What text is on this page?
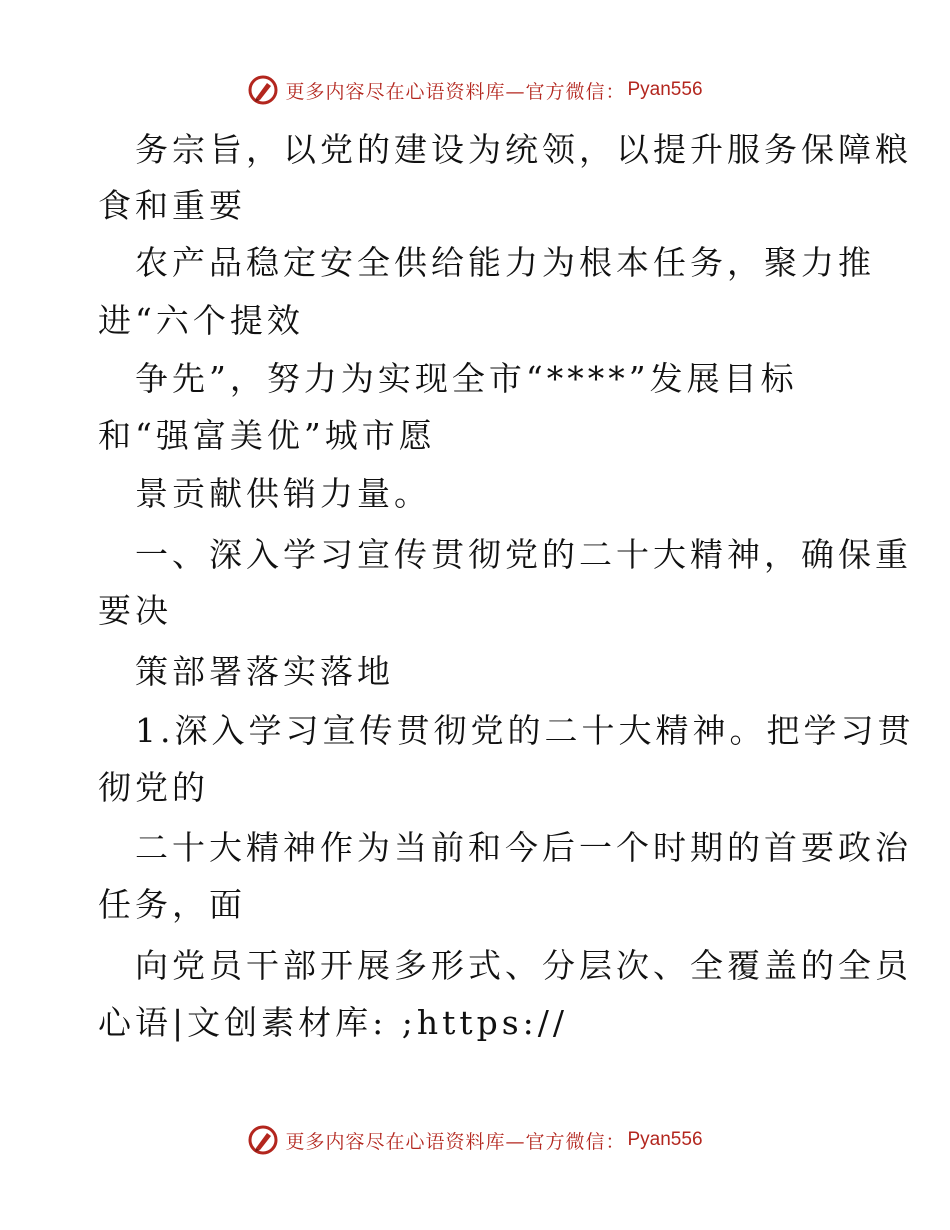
更多内容尽在心语资料库—官方微信： Pyan556
务宗旨，以党的建设为统领，以提升服务保障粮
食和重要
农产品稳定安全供给能力为根本任务，聚力推
进“六个提效
争先”，努力为实现全市“****”发展目标
和“强富美优”城市愿
景贡献供销力量。
一、深入学习宣传贯彻党的二十大精神，确保重
要决
策部署落实落地
1.深入学习宣传贯彻党的二十大精神。把学习贯
彻党的
二十大精神作为当前和今后一个时期的首要政治
任务，面
向党员干部开展多形式、分层次、全覆盖的全员
心语|文创素材库: ;https://
更多内容尽在心语资料库—官方微信： Pyan556
